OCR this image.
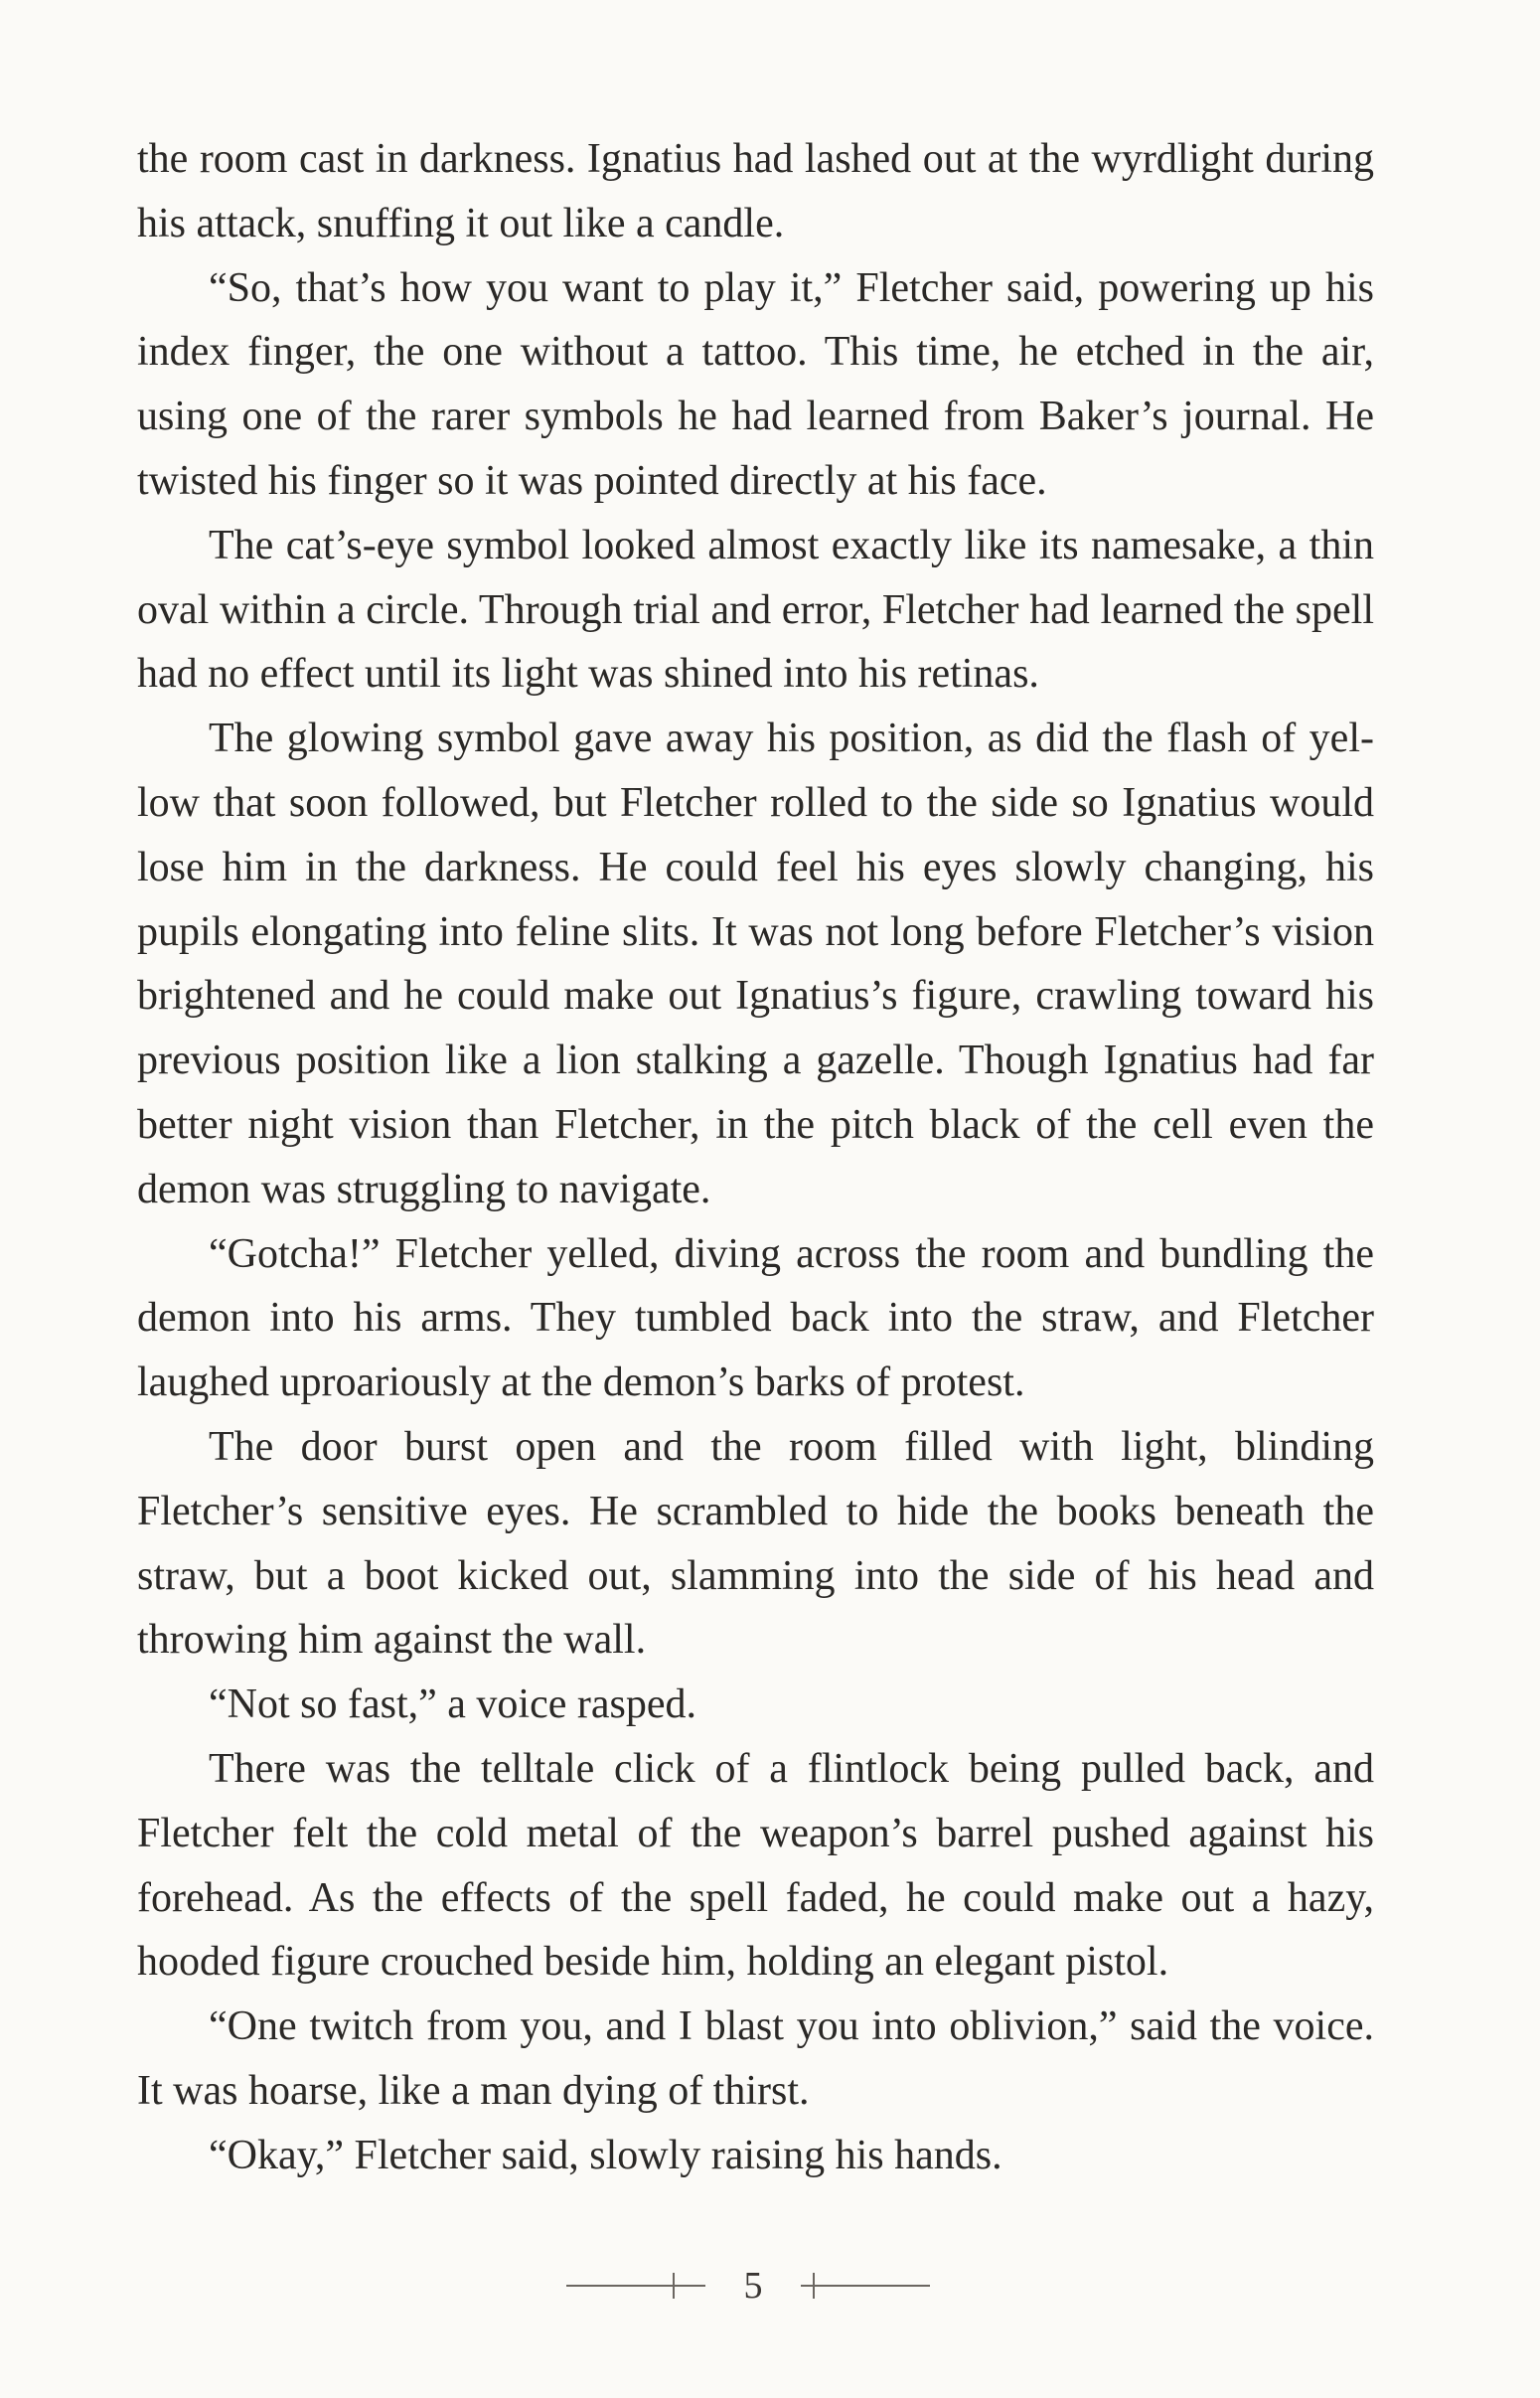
the room cast in darkness. Ignatius had lashed out at the wyrdlight during his attack, snuffing it out like a candle.

“So, that’s how you want to play it,” Fletcher said, powering up his index finger, the one without a tattoo. This time, he etched in the air, using one of the rarer symbols he had learned from Baker’s journal. He twisted his finger so it was pointed directly at his face.

The cat’s-eye symbol looked almost exactly like its namesake, a thin oval within a circle. Through trial and error, Fletcher had learned the spell had no effect until its light was shined into his retinas.

The glowing symbol gave away his position, as did the flash of yellow that soon followed, but Fletcher rolled to the side so Ignatius would lose him in the darkness. He could feel his eyes slowly changing, his pupils elongating into feline slits. It was not long before Fletcher’s vision brightened and he could make out Ignatius’s figure, crawling toward his previous position like a lion stalking a gazelle. Though Ignatius had far better night vision than Fletcher, in the pitch black of the cell even the demon was struggling to navigate.

“Gotcha!” Fletcher yelled, diving across the room and bundling the demon into his arms. They tumbled back into the straw, and Fletcher laughed uproariously at the demon’s barks of protest.

The door burst open and the room filled with light, blinding Fletcher’s sensitive eyes. He scrambled to hide the books beneath the straw, but a boot kicked out, slamming into the side of his head and throwing him against the wall.

“Not so fast,” a voice rasped.

There was the telltale click of a flintlock being pulled back, and Fletcher felt the cold metal of the weapon’s barrel pushed against his forehead. As the effects of the spell faded, he could make out a hazy, hooded figure crouched beside him, holding an elegant pistol.

“One twitch from you, and I blast you into oblivion,” said the voice. It was hoarse, like a man dying of thirst.

“Okay,” Fletcher said, slowly raising his hands.

5
